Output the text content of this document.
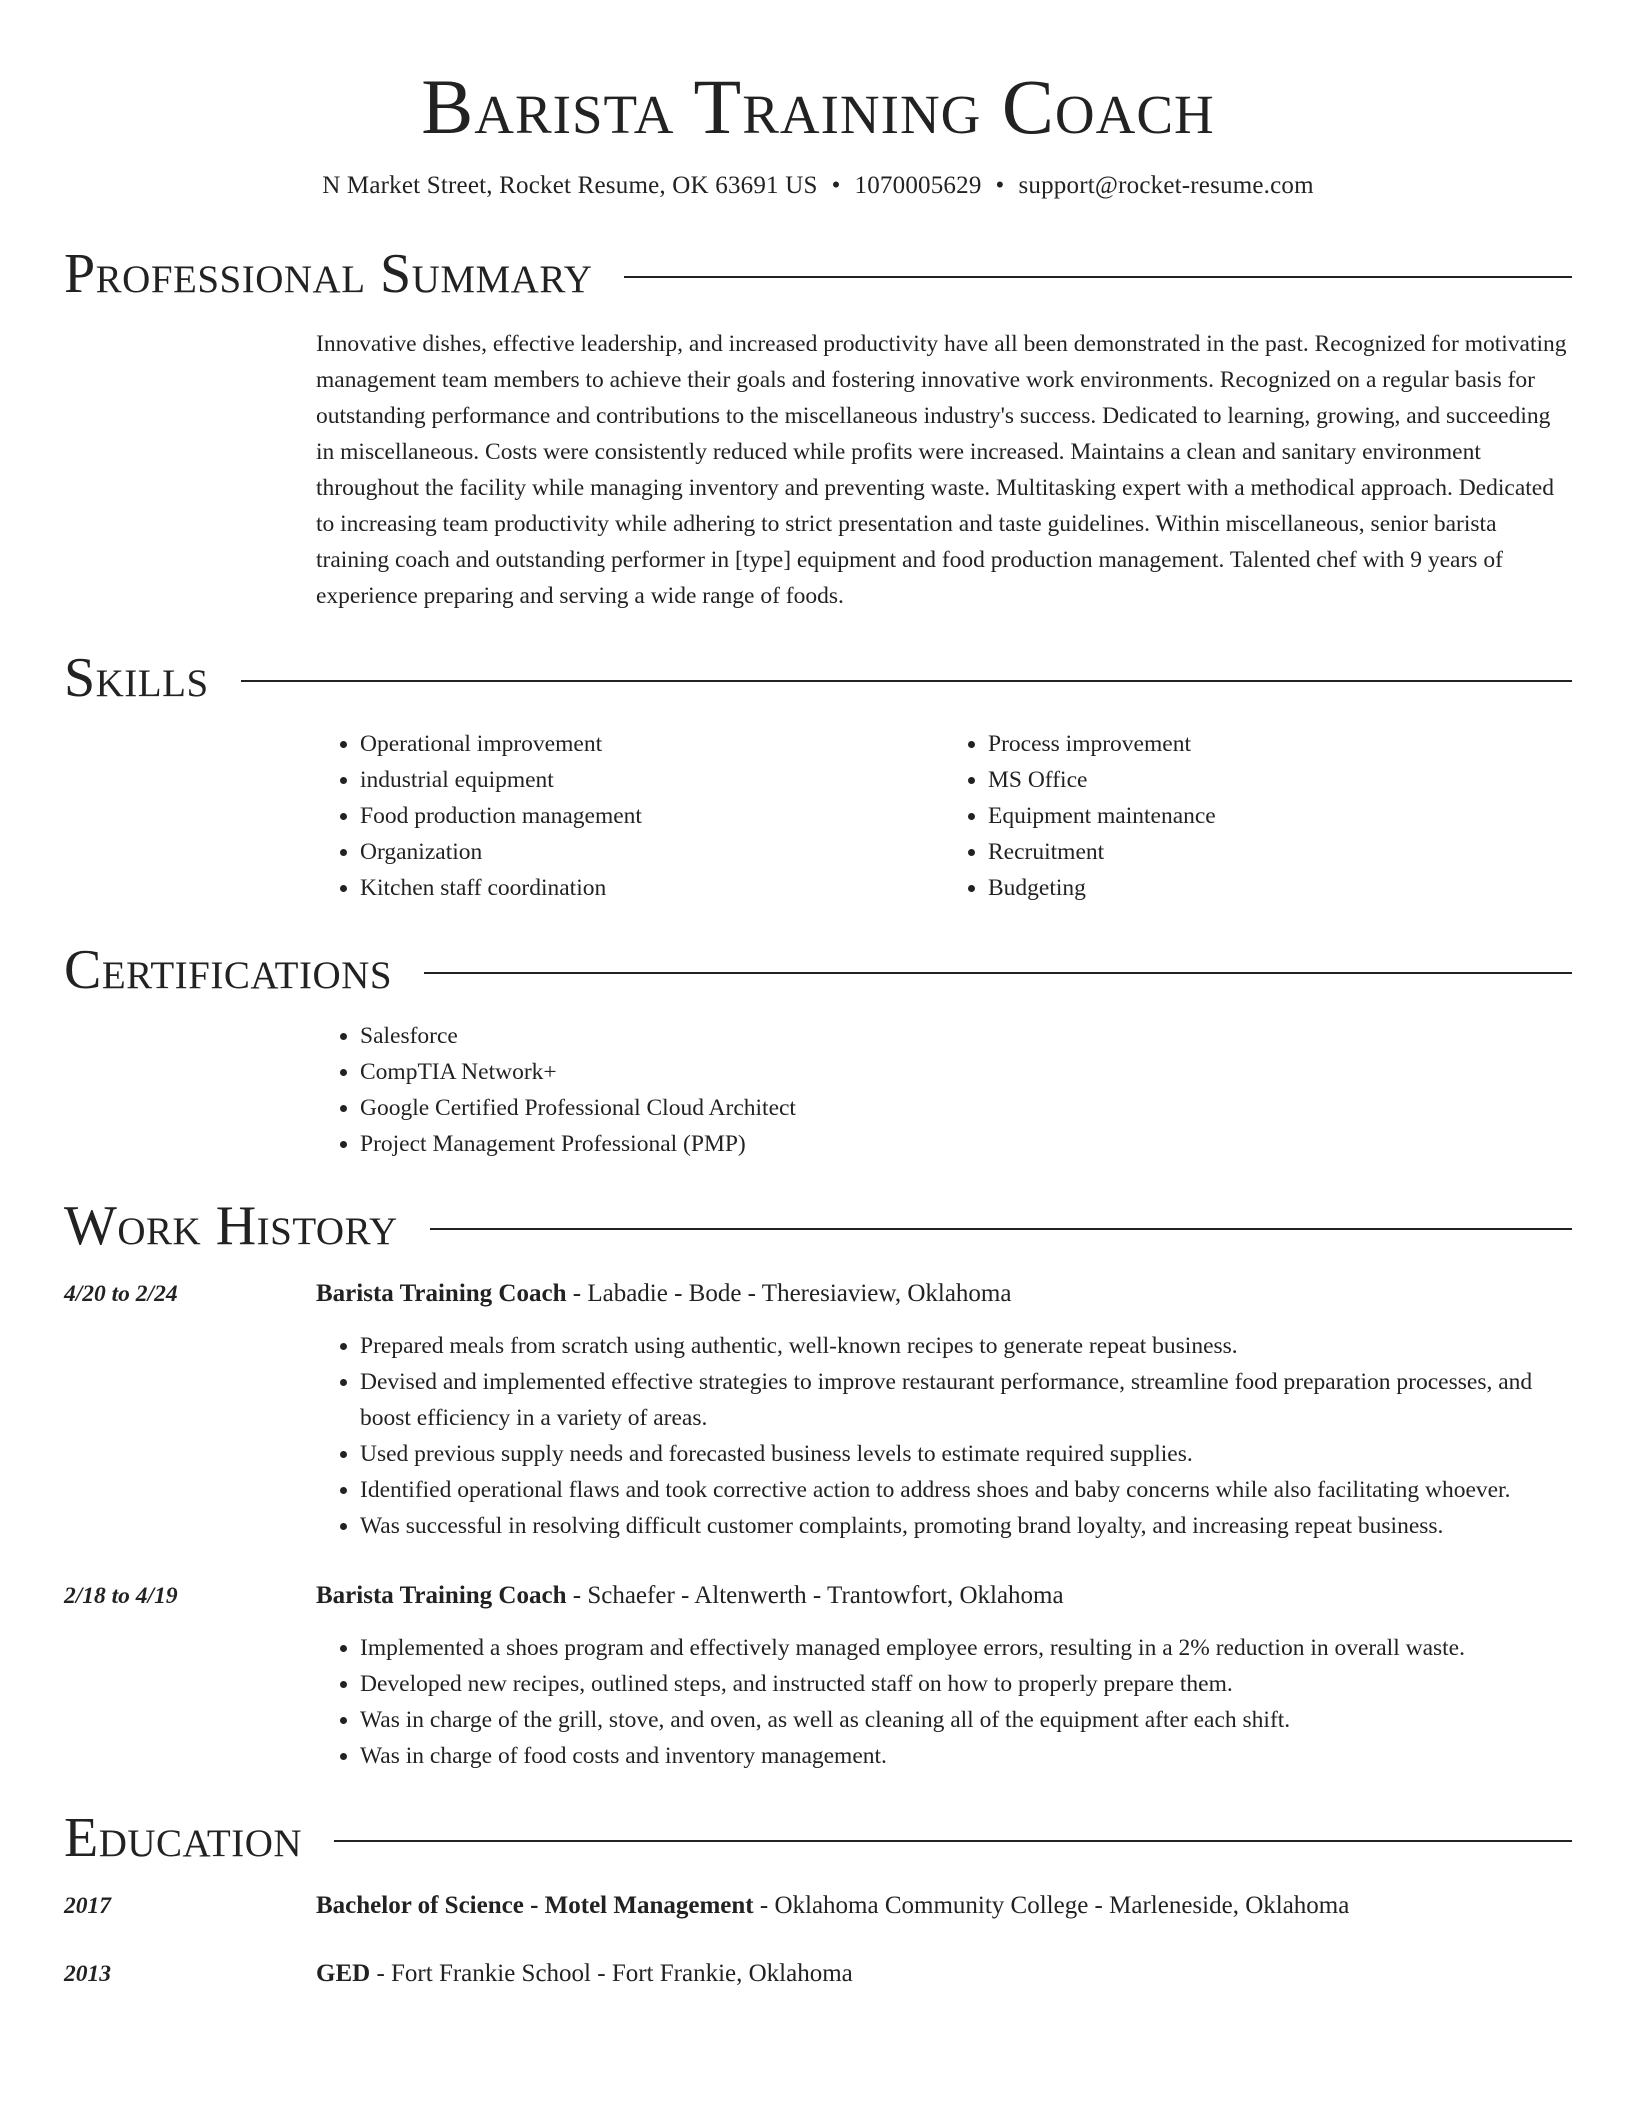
Barista Training Coach
N Market Street, Rocket Resume, OK 63691 US • 1070005629 • support@rocket-resume.com
Professional Summary

Innovative dishes, effective leadership, and increased productivity have all been demonstrated in the past. Recognized for motivating management team members to achieve their goals and fostering innovative work environments. Recognized on a regular basis for outstanding performance and contributions to the miscellaneous industry's success. Dedicated to learning, growing, and succeeding in miscellaneous. Costs were consistently reduced while profits were increased. Maintains a clean and sanitary environment throughout the facility while managing inventory and preventing waste. Multitasking expert with a methodical approach. Dedicated to increasing team productivity while adhering to strict presentation and taste guidelines. Within miscellaneous, senior barista training coach and outstanding performer in [type] equipment and food production management. Talented chef with 9 years of experience preparing and serving a wide range of foods.

Skills
• Operational improvement
• industrial equipment
• Food production management
• Organization
• Kitchen staff coordination
• Process improvement
• MS Office
• Equipment maintenance
• Recruitment
• Budgeting
Certifications
• Salesforce
• CompTIA Network+
• Google Certified Professional Cloud Architect
• Project Management Professional (PMP)
Work History
4/20 to 2/24	Barista Training Coach - Labadie - Bode - Theresiaview, Oklahoma
• Prepared meals from scratch using authentic, well-known recipes to generate repeat business.
• Devised and implemented effective strategies to improve restaurant performance, streamline food preparation processes, and boost efficiency in a variety of areas.
• Used previous supply needs and forecasted business levels to estimate required supplies.
• Identified operational flaws and took corrective action to address shoes and baby concerns while also facilitating whoever.
• Was successful in resolving difficult customer complaints, promoting brand loyalty, and increasing repeat business.
2/18 to 4/19	Barista Training Coach - Schaefer - Altenwerth - Trantowfort, Oklahoma
• Implemented a shoes program and effectively managed employee errors, resulting in a 2% reduction in overall waste.
• Developed new recipes, outlined steps, and instructed staff on how to properly prepare them.
• Was in charge of the grill, stove, and oven, as well as cleaning all of the equipment after each shift.
• Was in charge of food costs and inventory management.
Education
2017	Bachelor of Science - Motel Management - Oklahoma Community College - Marleneside, Oklahoma
2013	GED - Fort Frankie School - Fort Frankie, Oklahoma
